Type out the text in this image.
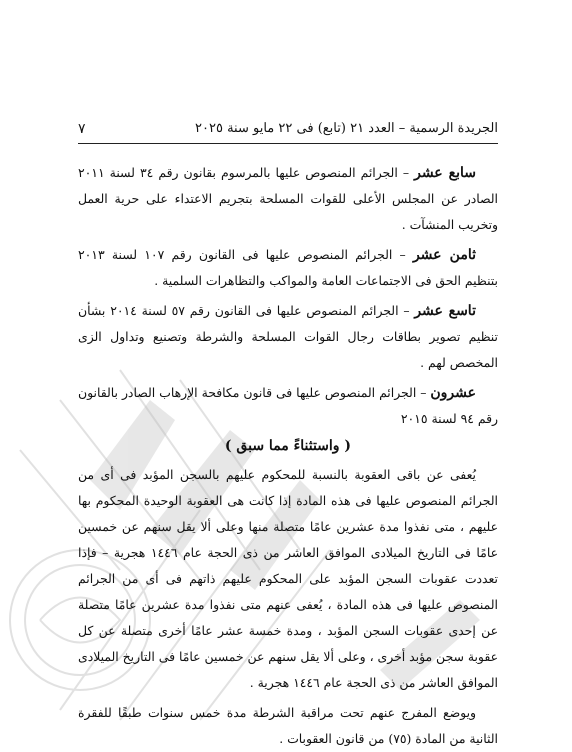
الجريدة الرسمية – العدد ٢١ (تابع) فى ٢٢ مايو سنة ٢٠٢٥
٧

سابع عشر – الجرائم المنصوص عليها بالمرسوم بقانون رقم ٣٤ لسنة ٢٠١١ الصادر عن المجلس الأعلى للقوات المسلحة بتجريم الاعتداء على حرية العمل وتخريب المنشآت .

ثامن عشر – الجرائم المنصوص عليها فى القانون رقم ١٠٧ لسنة ٢٠١٣ بتنظيم الحق فى الاجتماعات العامة والمواكب والتظاهرات السلمية .

تاسع عشر – الجرائم المنصوص عليها فى القانون رقم ٥٧ لسنة ٢٠١٤ بشأن تنظيم تصوير بطاقات رجال القوات المسلحة والشرطة وتصنيع وتداول الزى المخصص لهم .

عشرون – الجرائم المنصوص عليها فى قانون مكافحة الإرهاب الصادر بالقانون رقم ٩٤ لسنة ٢٠١٥

( واستثناءً مما سبق )

يُعفى عن باقى العقوبة بالنسبة للمحكوم عليهم بالسجن المؤبد فى أى من الجرائم المنصوص عليها فى هذه المادة إذا كانت هى العقوبة الوحيدة المحكوم بها عليهم ، متى نفذوا مدة عشرين عامًا متصلة منها وعلى ألا يقل سنهم عن خمسين عامًا فى التاريخ الميلادى الموافق العاشر من ذى الحجة عام ١٤٤٦ هجرية – فإذا تعددت عقوبات السجن المؤبد على المحكوم عليهم ذاتهم فى أى من الجرائم المنصوص عليها فى هذه المادة ، يُعفى عنهم متى نفذوا مدة عشرين عامًا متصلة عن إحدى عقوبات السجن المؤبد ، ومدة خمسة عشر عامًا أخرى متصلة عن كل عقوبة سجن مؤبد أخرى ، وعلى ألا يقل سنهم عن خمسين عامًا فى التاريخ الميلادى الموافق العاشر من ذى الحجة عام ١٤٤٦ هجرية .

ويوضع المفرج عنهم تحت مراقبة الشرطة مدة خمس سنوات طبقًا للفقرة الثانية من المادة (٧٥) من قانون العقوبات .
